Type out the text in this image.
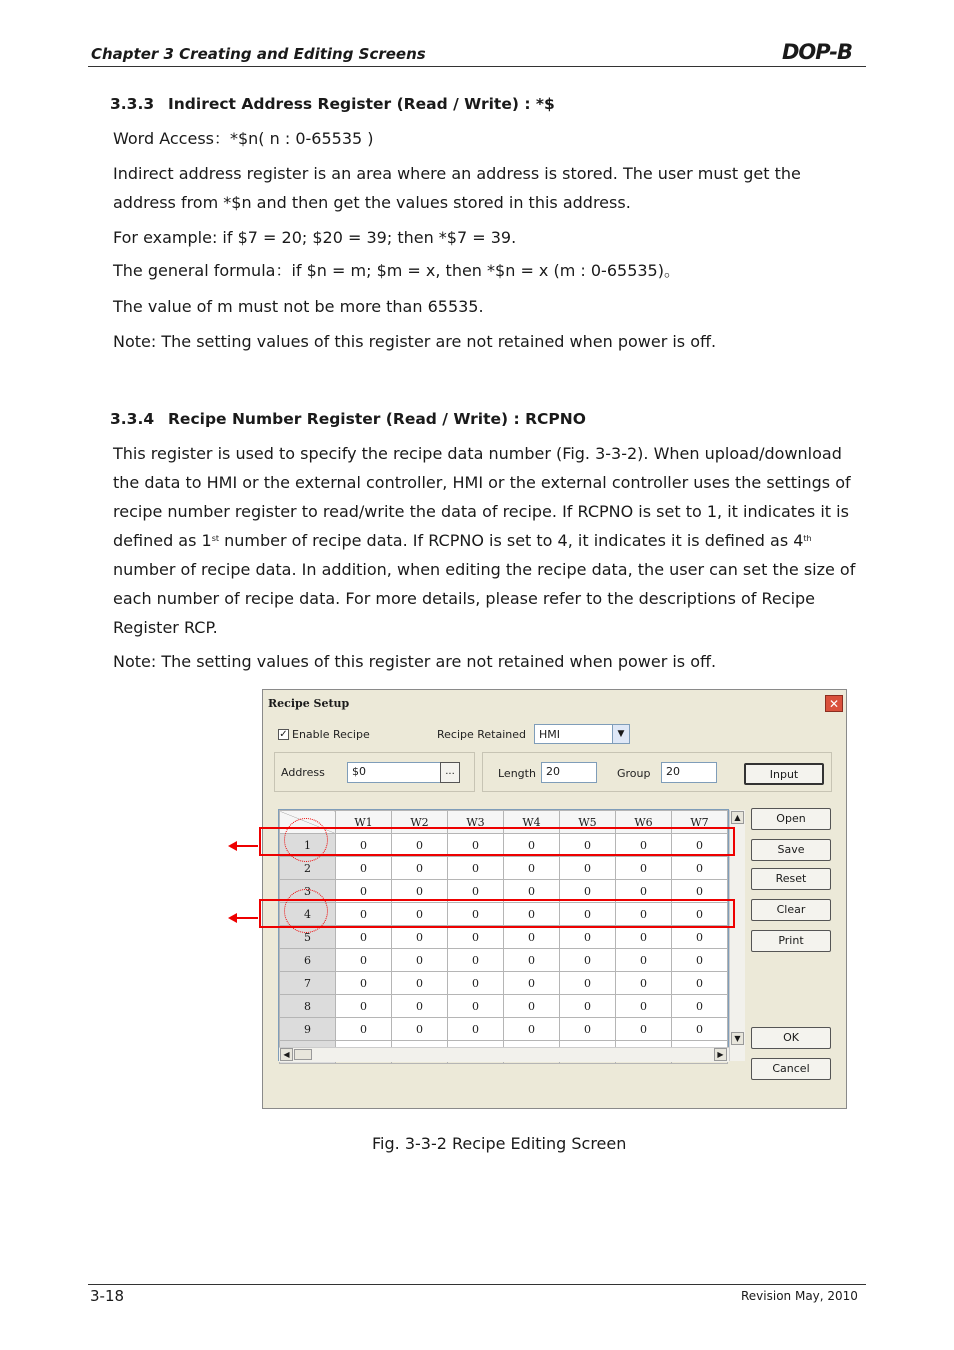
Chapter 3 Creating and Editing Screens	DOP-B
3.3.3 Indirect Address Register (Read / Write) : *$
Word Access：*$n( n : 0-65535 )
Indirect address register is an area where an address is stored. The user must get the address from *$n and then get the values stored in this address.
For example: if $7 = 20; $20 = 39; then *$7 = 39.
The general formula：if $n = m; $m = x, then *$n = x (m : 0-65535)。
The value of m must not be more than 65535.
Note: The setting values of this register are not retained when power is off.
3.3.4 Recipe Number Register (Read / Write) : RCPNO
This register is used to specify the recipe data number (Fig. 3-3-2). When upload/download the data to HMI or the external controller, HMI or the external controller uses the settings of recipe number register to read/write the data of recipe. If RCPNO is set to 1, it indicates it is defined as 1st number of recipe data. If RCPNO is set to 4, it indicates it is defined as 4th number of recipe data. In addition, when editing the recipe data, the user can set the size of each number of recipe data. For more details, please refer to the descriptions of Recipe Register RCP.
Note: The setting values of this register are not retained when power is off.
Recipe Setup	✕
✓ Enable Recipe	Recipe Retained	HMI	▼
Address	$0	...	Length 20	Group	20	Input
	W1	W2	W3	W4	W5	W6	W7
1	0	0	0	0	0	0	0
2	0	0	0	0	0	0	0
3	0	0	0	0	0	0	0
4	0	0	0	0	0	0	0
5	0	0	0	0	0	0	0
6	0	0	0	0	0	0	0
7	0	0	0	0	0	0	0
8	0	0	0	0	0	0	0
9	0	0	0	0	0	0	0

▲
▼
◀	▶
Open
Save
Reset
Clear
Print
OK
Cancel
Fig. 3-3-2 Recipe Editing Screen
3-18	Revision May, 2010
